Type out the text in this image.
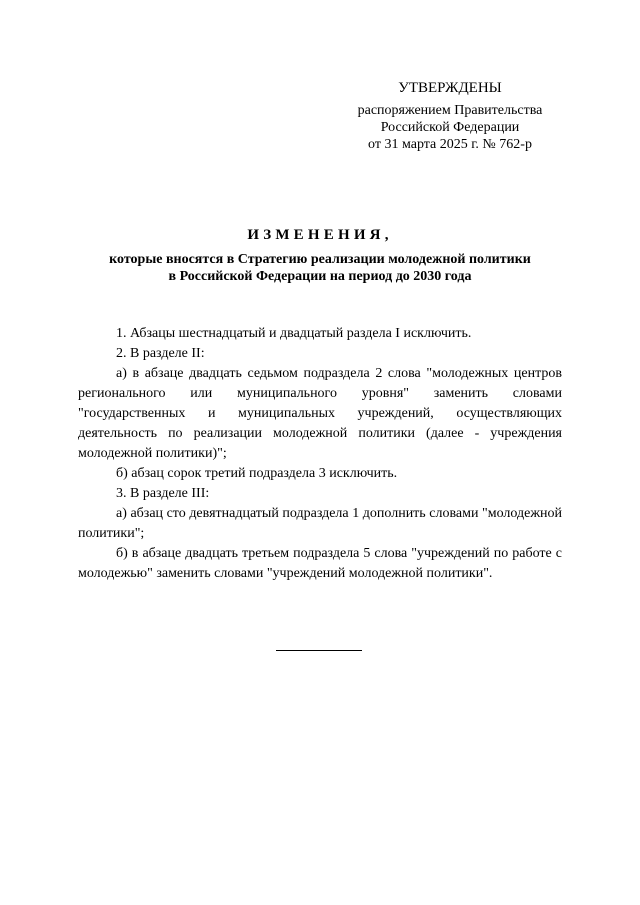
УТВЕРЖДЕНЫ
распоряжением Правительства
Российской Федерации
от 31 марта 2025 г. № 762-р
ИЗМЕНЕНИЯ,
которые вносятся в Стратегию реализации молодежной политики
в Российской Федерации на период до 2030 года

1. Абзацы шестнадцатый и двадцатый раздела I исключить.

2. В разделе II:

а) в абзаце двадцать седьмом подраздела 2 слова "молодежных центров регионального или муниципального уровня" заменить словами "государственных и муниципальных учреждений, осуществляющих деятельность по реализации молодежной политики (далее - учреждения молодежной политики)";

б) абзац сорок третий подраздела 3 исключить.

3. В разделе III:

а) абзац сто девятнадцатый подраздела 1 дополнить словами "молодежной политики";

б) в абзаце двадцать третьем подраздела 5 слова "учреждений по работе с молодежью" заменить словами "учреждений молодежной политики".
